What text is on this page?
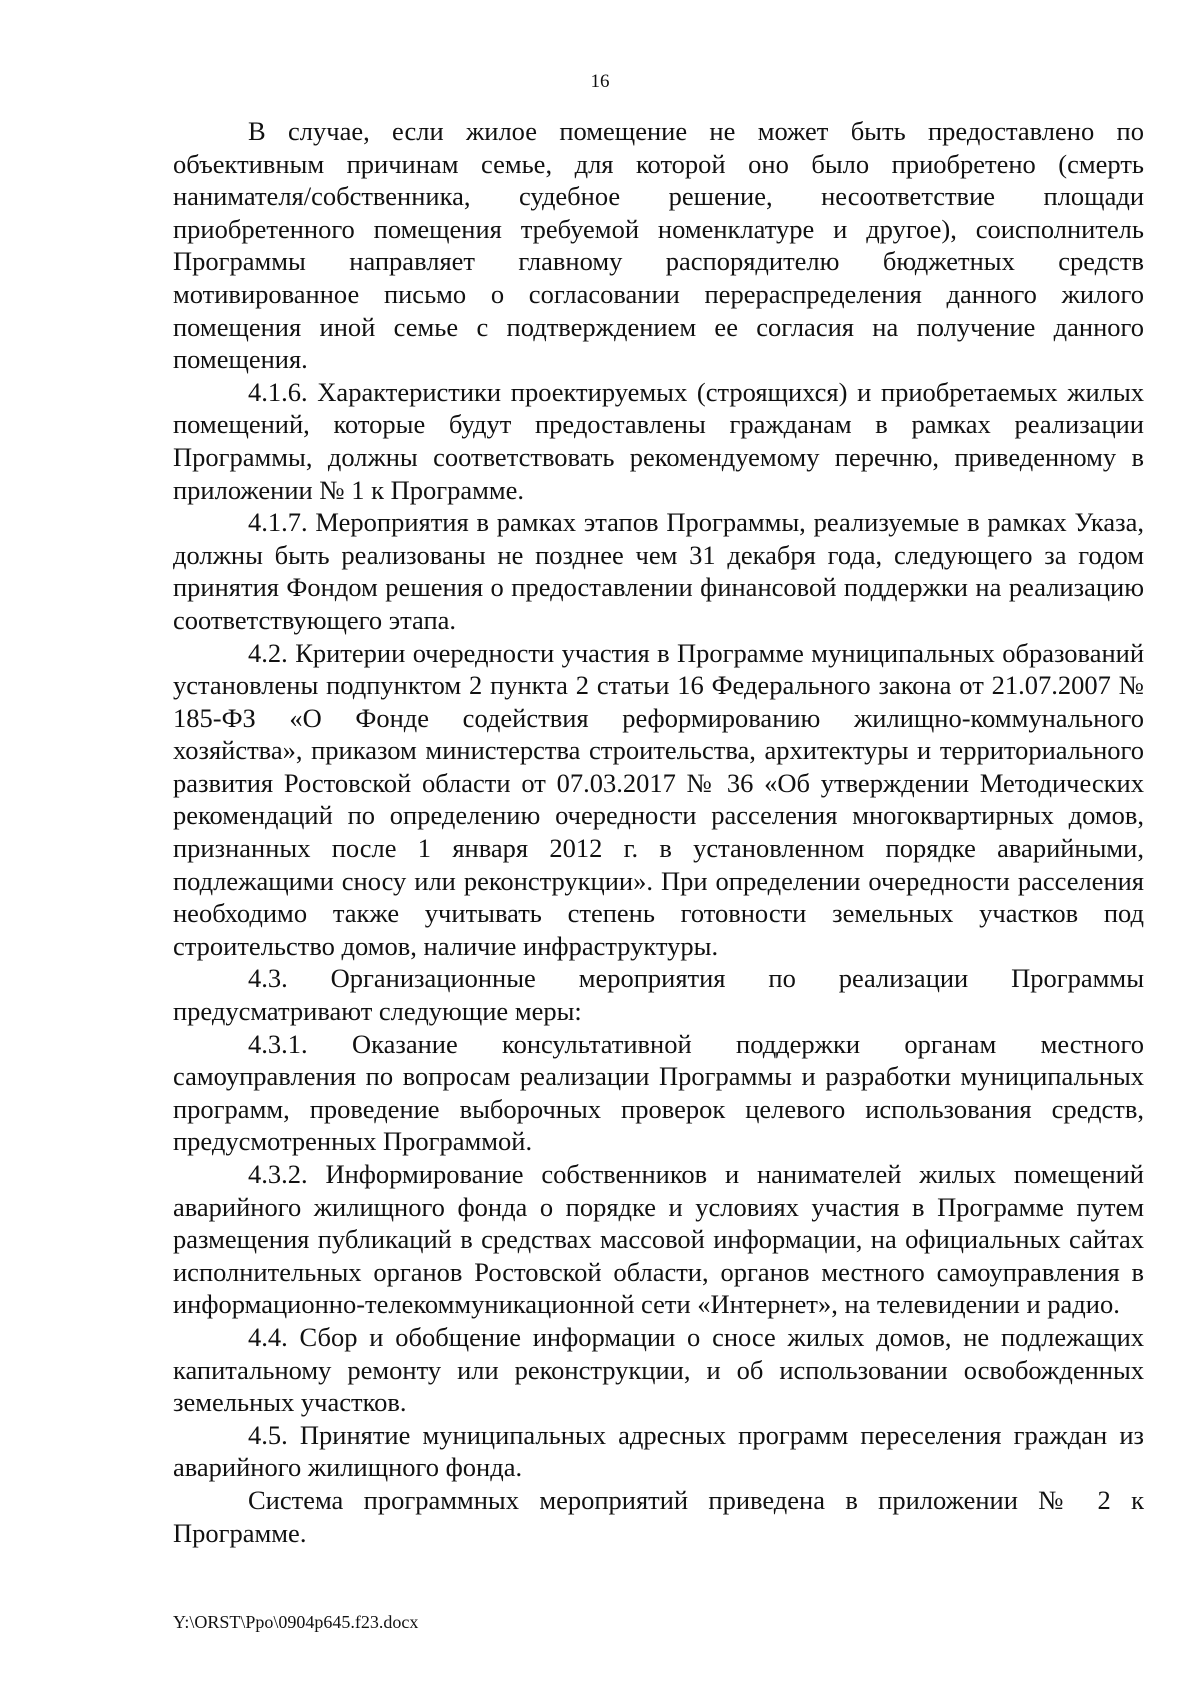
16

В случае, если жилое помещение не может быть предоставлено по объективным причинам семье, для которой оно было приобретено (смерть нанимателя/собственника, судебное решение, несоответствие площади приобретенного помещения требуемой номенклатуре и другое), соисполнитель Программы направляет главному распорядителю бюджетных средств мотивированное письмо о согласовании перераспределения данного жилого помещения иной семье с подтверждением ее согласия на получение данного помещения.

4.1.6. Характеристики проектируемых (строящихся) и приобретаемых жилых помещений, которые будут предоставлены гражданам в рамках реализации Программы, должны соответствовать рекомендуемому перечню, приведенному в приложении № 1 к Программе.

4.1.7. Мероприятия в рамках этапов Программы, реализуемые в рамках Указа, должны быть реализованы не позднее чем 31 декабря года, следующего за годом принятия Фондом решения о предоставлении финансовой поддержки на реализацию соответствующего этапа.

4.2. Критерии очередности участия в Программе муниципальных образований установлены подпунктом 2 пункта 2 статьи 16 Федерального закона от 21.07.2007 № 185-ФЗ «О Фонде содействия реформированию жилищно-коммунального хозяйства», приказом министерства строительства, архитектуры и территориального развития Ростовской области от 07.03.2017 № 36 «Об утверждении Методических рекомендаций по определению очередности расселения многоквартирных домов, признанных после 1 января 2012 г. в установленном порядке аварийными, подлежащими сносу или реконструкции». При определении очередности расселения необходимо также учитывать степень готовности земельных участков под строительство домов, наличие инфраструктуры.

4.3. Организационные мероприятия по реализации Программы предусматривают следующие меры:

4.3.1. Оказание консультативной поддержки органам местного самоуправления по вопросам реализации Программы и разработки муниципальных программ, проведение выборочных проверок целевого использования средств, предусмотренных Программой.

4.3.2. Информирование собственников и нанимателей жилых помещений аварийного жилищного фонда о порядке и условиях участия в Программе путем размещения публикаций в средствах массовой информации, на официальных сайтах исполнительных органов Ростовской области, органов местного самоуправления в информационно-телекоммуникационной сети «Интернет», на телевидении и радио.

4.4. Сбор и обобщение информации о сносе жилых домов, не подлежащих капитальному ремонту или реконструкции, и об использовании освобожденных земельных участков.

4.5. Принятие муниципальных адресных программ переселения граждан из аварийного жилищного фонда.

Система программных мероприятий приведена в приложении № 2 к Программе.

Y:\ORST\Ppo\0904p645.f23.docx
